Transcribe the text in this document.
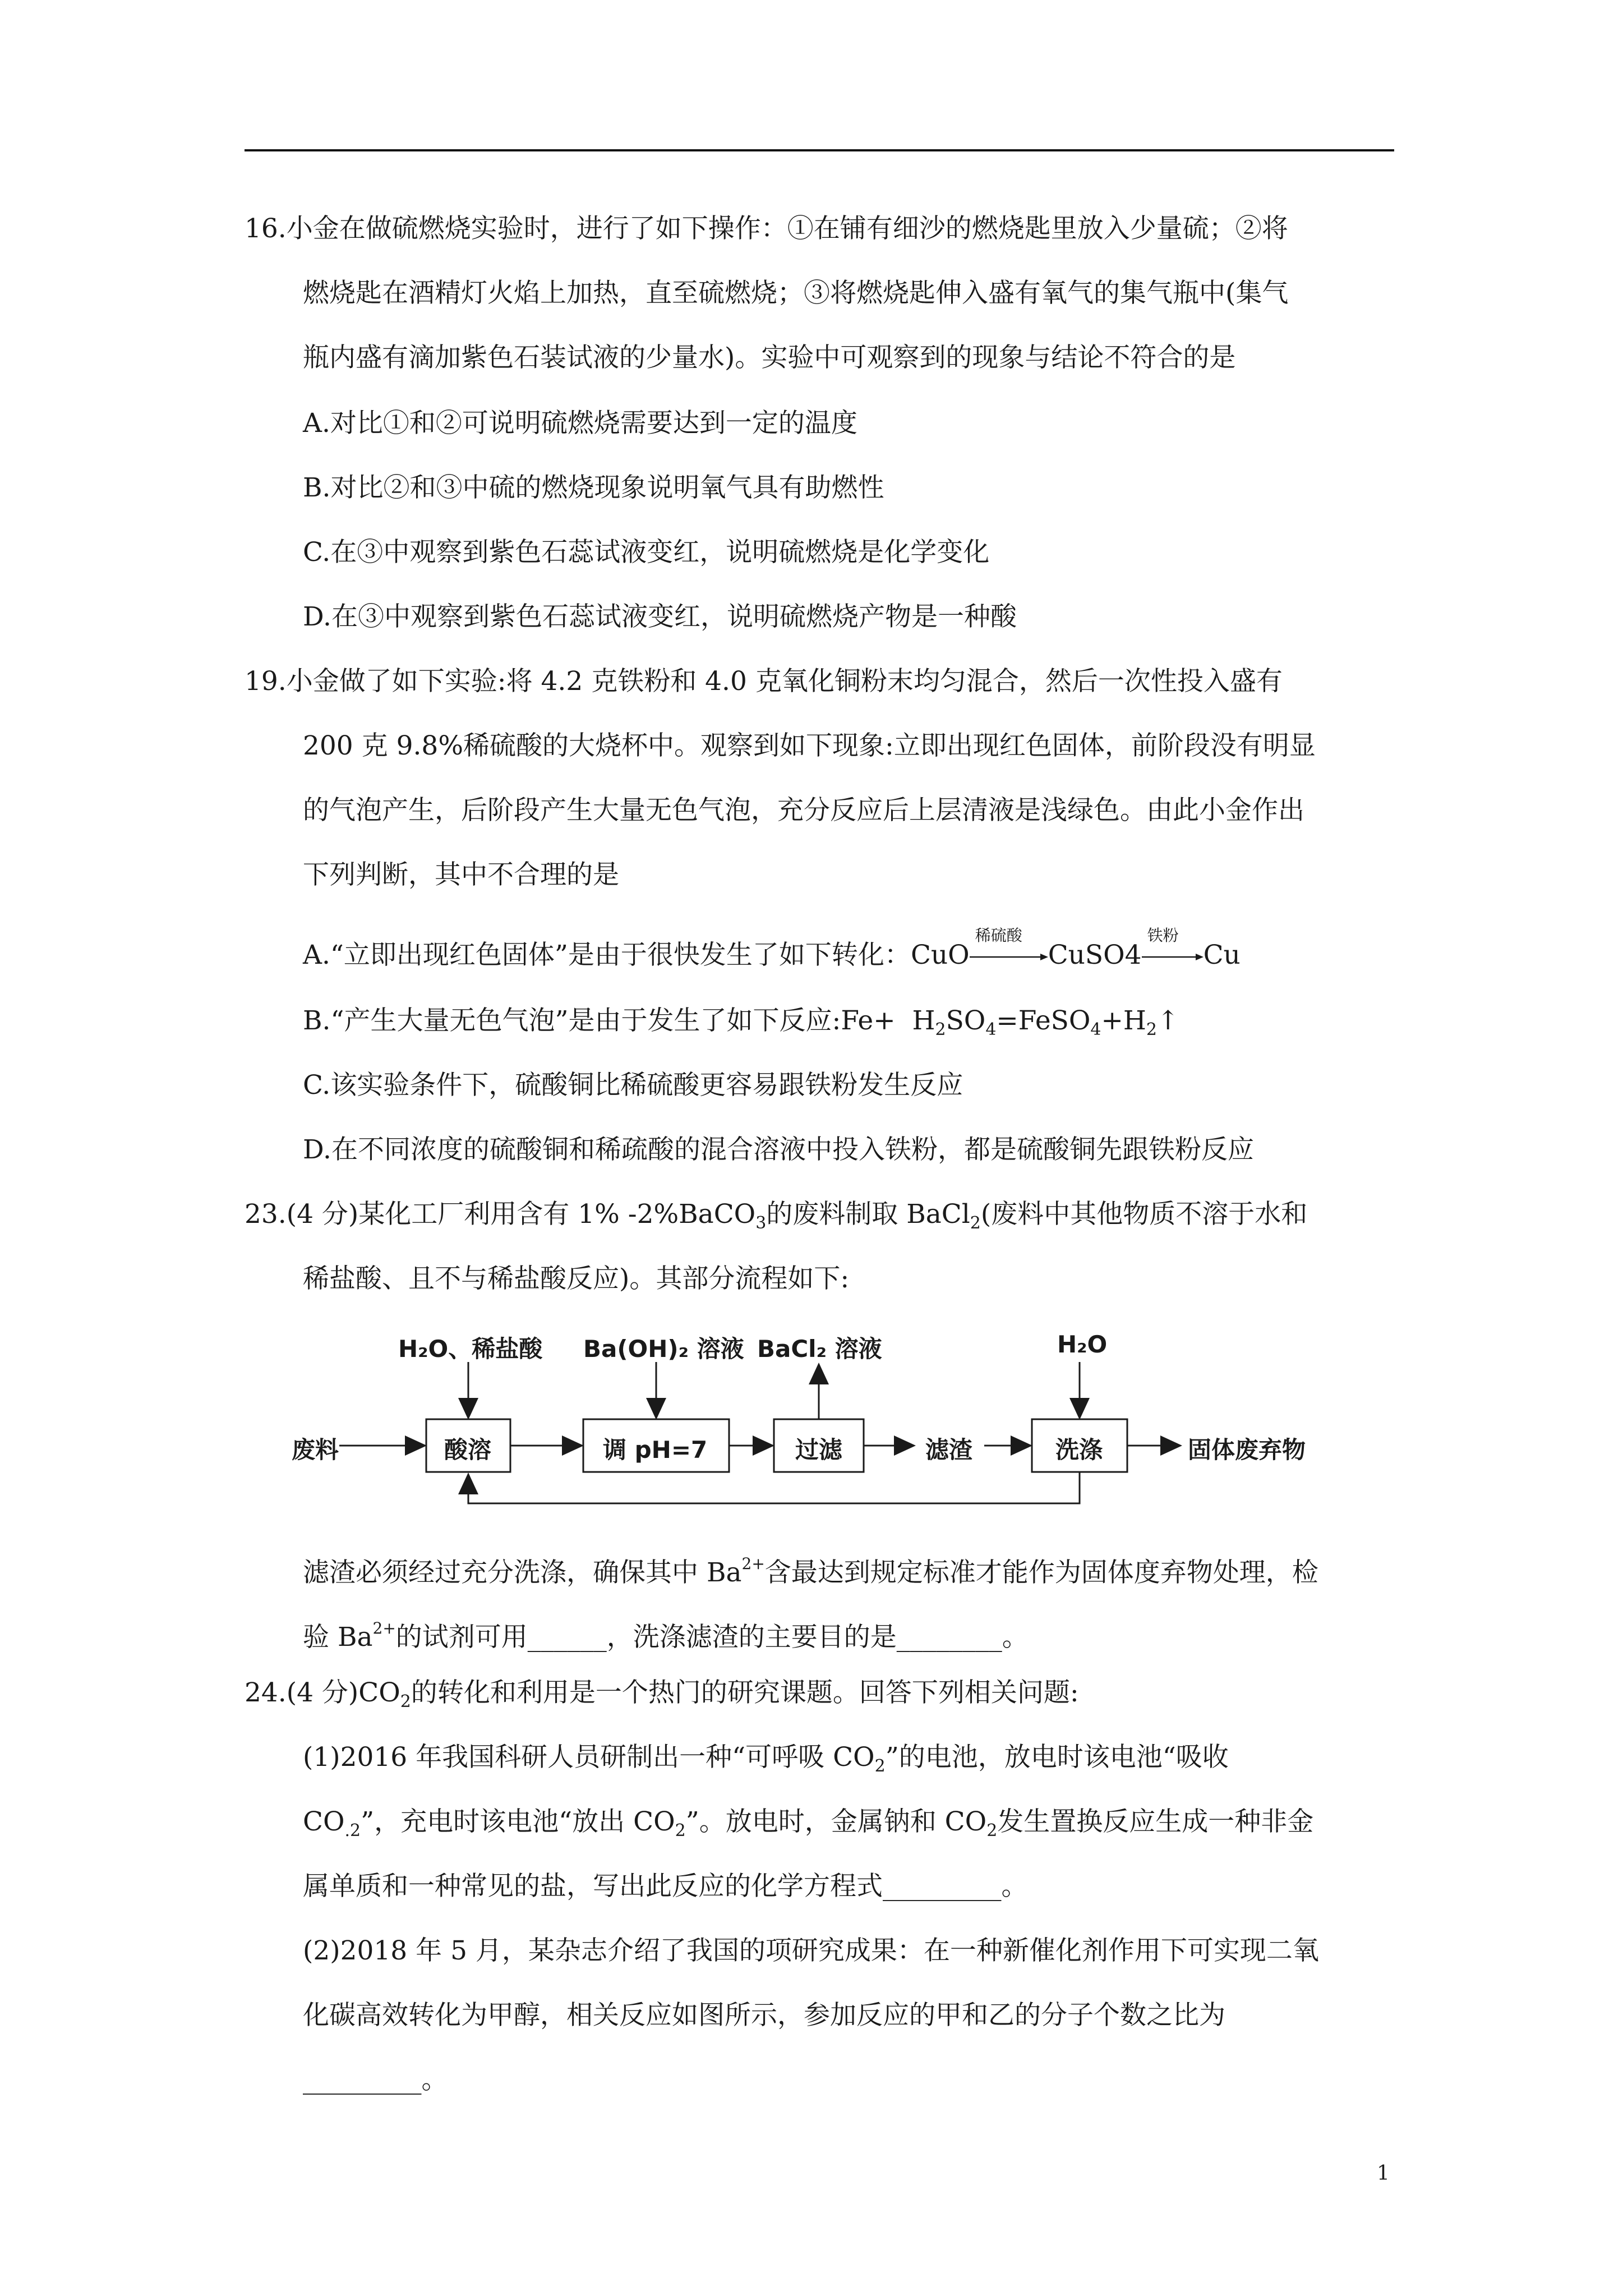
16.小金在做硫燃烧实验时，进行了如下操作：①在铺有细沙的燃烧匙里放入少量硫；②将
燃烧匙在酒精灯火焰上加热，直至硫燃烧；③将燃烧匙伸入盛有氧气的集气瓶中(集气
瓶内盛有滴加紫色石装试液的少量水)。实验中可观察到的现象与结论不符合的是
A.对比①和②可说明硫燃烧需要达到一定的温度
B.对比②和③中硫的燃烧现象说明氧气具有助燃性
C.在③中观察到紫色石蕊试液变红，说明硫燃烧是化学变化
D.在③中观察到紫色石蕊试液变红，说明硫燃烧产物是一种酸
19.小金做了如下实验:将 4.2 克铁粉和 4.0 克氧化铜粉末均匀混合，然后一次性投入盛有
200 克 9.8%稀硫酸的大烧杯中。观察到如下现象:立即出现红色固体，前阶段没有明显
的气泡产生，后阶段产生大量无色气泡，充分反应后上层清液是浅绿色。由此小金作出
下列判断，其中不合理的是
A.“立即出现红色固体”是由于很快发生了如下转化：CuO
稀硫酸
CuSO4
铁粉
Cu
B.“产生大量无色气泡”是由于发生了如下反应:Fe+ $H_2SO_4=FeSO_4+H_2↑$
C.该实验条件下，硫酸铜比稀硫酸更容易跟铁粉发生反应
D.在不同浓度的硫酸铜和稀疏酸的混合溶液中投入铁粉，都是硫酸铜先跟铁粉反应
23.(4 分)某化工厂利用含有 1% -2%BaCO$_3$的废料制取 BaCl$_2$(废料中其他物质不溶于水和
稀盐酸、且不与稀盐酸反应)。其部分流程如下:
H₂O、稀盐酸 Ba(OH)₂ 溶液 BaCl₂ 溶液	H₂O
废料	酸溶	调 pH=7	过滤	滤渣	洗涤	固体废弃物
滤渣必须经过充分洗涤，确保其中 $Ba^{2+}$含最达到规定标准才能作为固体度弃物处理，检
验 $Ba^{2+}$的试剂可用______，洗涤滤渣的主要目的是________。
24.(4 分)$CO_2$的转化和利用是一个热门的研究课题。回答下列相关问题:
(1)2016 年我国科研人员研制出一种“可呼吸 $CO_2$”的电池，放电时该电池“吸收
$CO_{.2}$”，充电时该电池“放出 $CO_2$”。放电时，金属钠和 $CO_2$发生置换反应生成一种非金
属单质和一种常见的盐，写出此反应的化学方程式_________。
(2)2018 年 5 月，某杂志介绍了我国的项研究成果：在一种新催化剂作用下可实现二氧
化碳高效转化为甲醇，相关反应如图所示，参加反应的甲和乙的分子个数之比为
_________。
1
